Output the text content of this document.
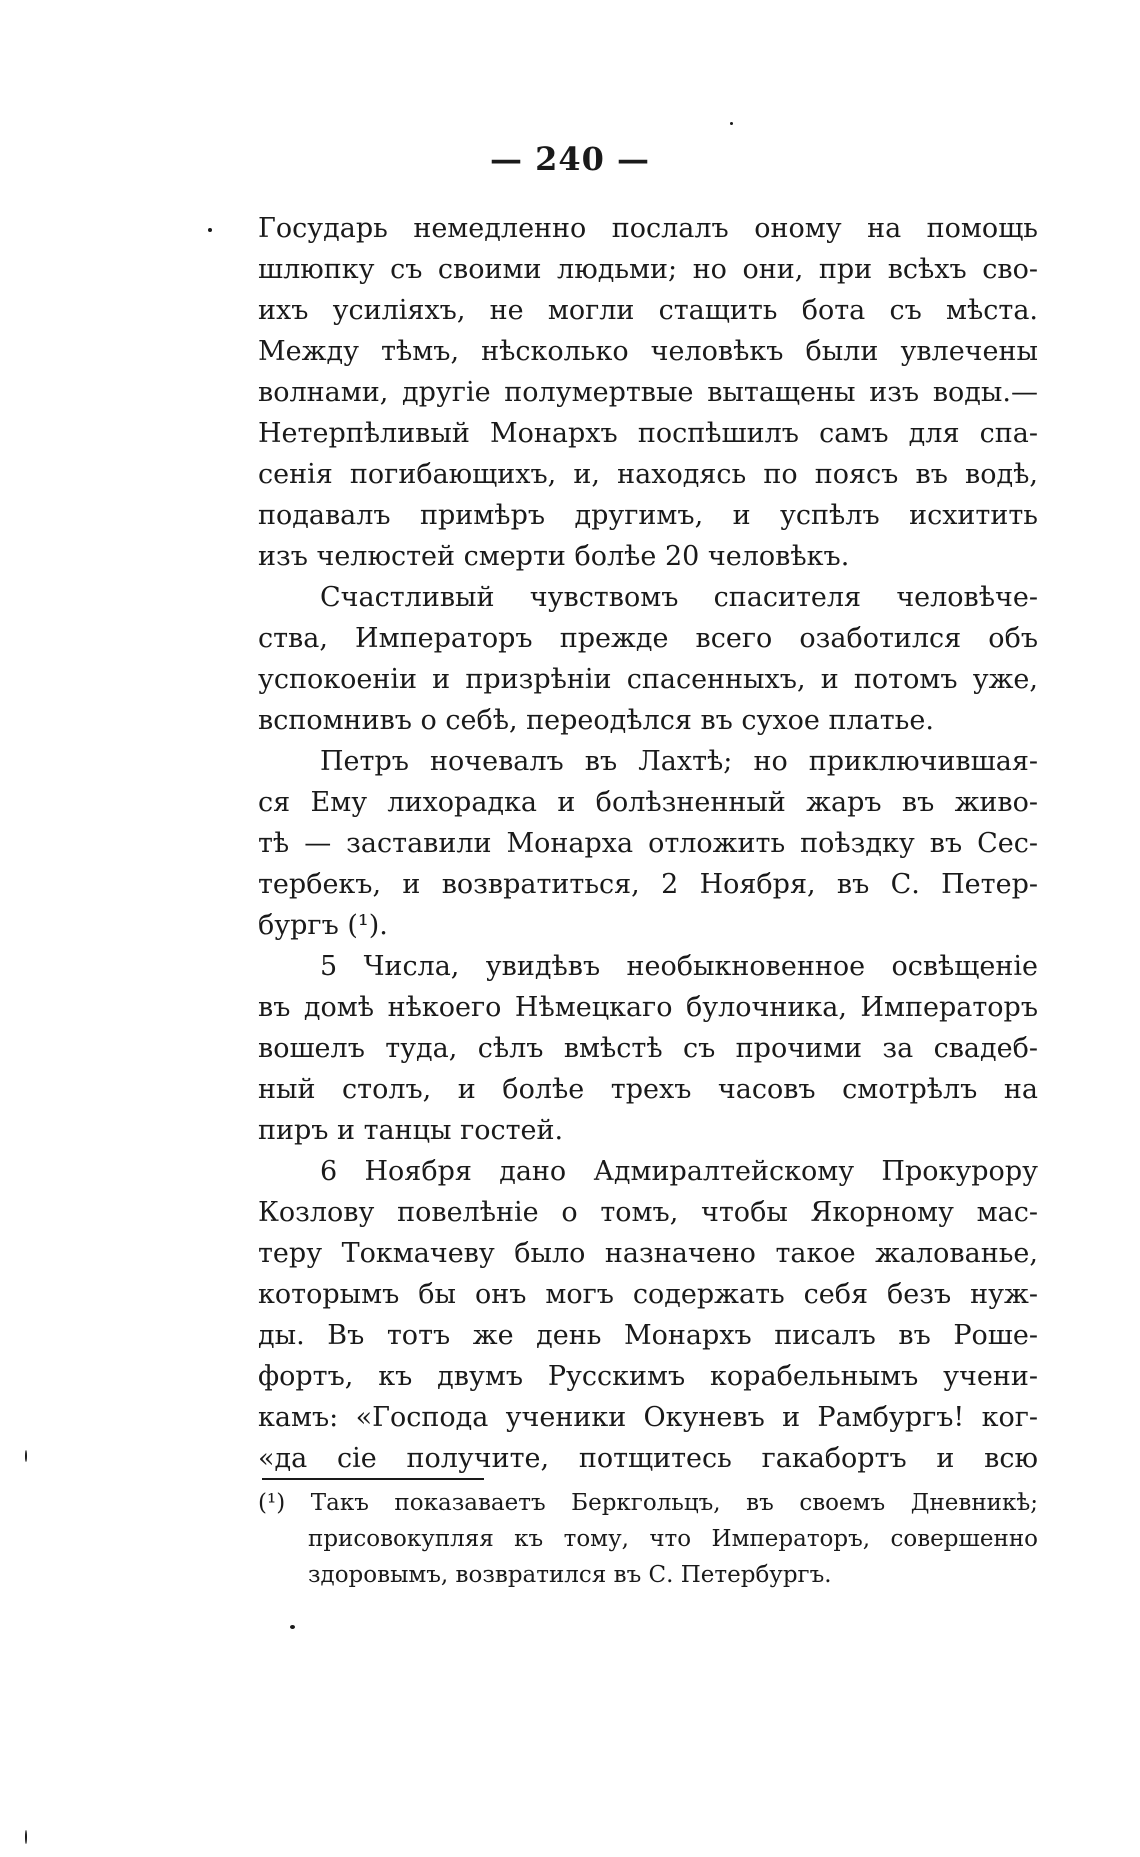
— 240 —
Государь немедленно послалъ оному на помощь
шлюпку съ своими людьми; но они, при всѣхъ сво-
ихъ усиліяхъ, не могли стащить бота съ мѣста.
Между тѣмъ, нѣсколько человѣкъ были увлечены
волнами, другіе полумертвые вытащены изъ воды.—
Нетерпѣливый Монархъ поспѣшилъ самъ для спа-
сенія погибающихъ, и, находясь по поясъ въ водѣ,
подавалъ примѣръ другимъ, и успѣлъ исхитить
изъ челюстей смерти болѣе 20 человѣкъ.
Счастливый чувствомъ спасителя человѣче-
ства, Императоръ прежде всего озаботился объ
успокоеніи и призрѣніи спасенныхъ, и потомъ уже,
вспомнивъ о себѣ, переодѣлся въ сухое платье.
Петръ ночевалъ въ Лахтѣ; но приключившая-
ся Ему лихорадка и болѣзненный жаръ въ живо-
тѣ — заставили Монарха отложить поѣздку въ Сес-
тербекъ, и возвратиться, 2 Ноября, въ С. Петер-
бургъ (¹).
5 Числа, увидѣвъ необыкновенное освѣщеніе
въ домѣ нѣкоего Нѣмецкаго булочника, Императоръ
вошелъ туда, сѣлъ вмѣстѣ съ прочими за свадеб-
ный столъ, и болѣе трехъ часовъ смотрѣлъ на
пиръ и танцы гостей.
6 Ноября дано Адмиралтейскому Прокурору
Козлову повелѣніе о томъ, чтобы Якорному мас-
теру Токмачеву было назначено такое жалованье,
которымъ бы онъ могъ содержать себя безъ нуж-
ды. Въ тотъ же день Монархъ писалъ въ Роше-
фортъ, къ двумъ Русскимъ корабельнымъ учени-
камъ: «Господа ученики Окуневъ и Рамбургъ! ког-
«да сіе получите, потщитесь гакабортъ и всю
(¹) Такъ показаваетъ Беркгольцъ, въ своемъ Дневникѣ;
присовокупляя къ тому, что Императоръ, совершенно
здоровымъ, возвратился въ С. Петербургъ.
